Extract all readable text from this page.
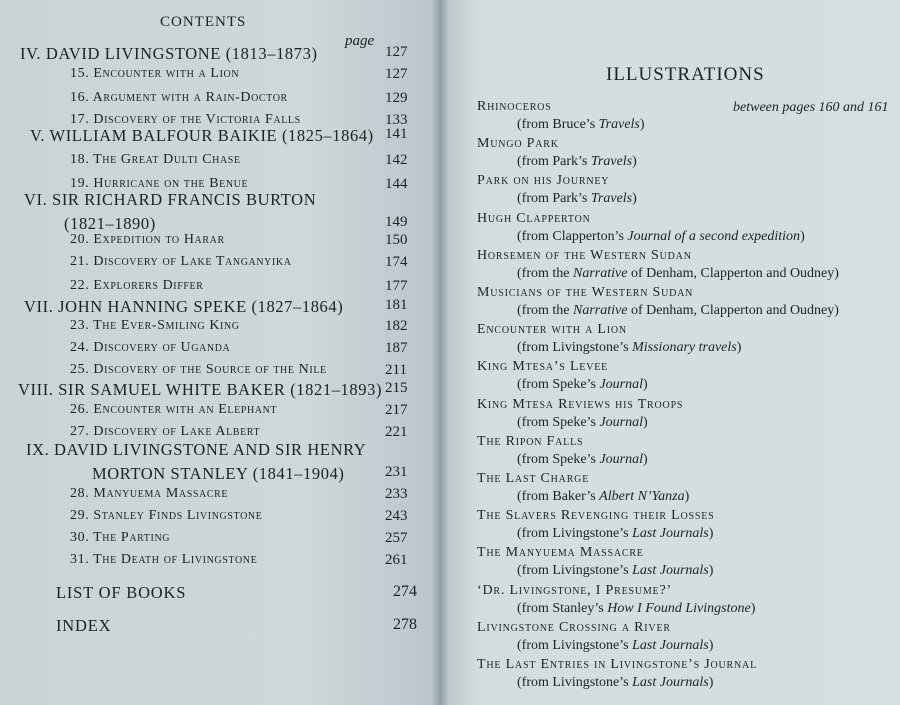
CONTENTS
page
IV. DAVID LIVINGSTONE (1813–1873)	127
15. Encounter with a Lion	127
16. Argument with a Rain-Doctor	129
17. Discovery of the Victoria Falls	133
V. WILLIAM BALFOUR BAIKIE (1825–1864) 141
18. The Great Dulti Chase	142
19. Hurricane on the Benue	144
VI. SIR RICHARD FRANCIS BURTON
(1821–1890)	149
20. Expedition to Harar	150
21. Discovery of Lake Tanganyika	174
22. Explorers Differ	177
VII. JOHN HANNING SPEKE (1827–1864)	181
23. The Ever-Smiling King	182
24. Discovery of Uganda	187
25. Discovery of the Source of the Nile	211
VIII. SIR SAMUEL WHITE BAKER (1821–1893) 215
26. Encounter with an Elephant	217
27. Discovery of Lake Albert	221
IX. DAVID LIVINGSTONE AND SIR HENRY
MORTON STANLEY (1841–1904)	231
28. Manyuema Massacre	233
29. Stanley Finds Livingstone	243
30. The Parting	257
31. The Death of Livingstone	261
LIST OF BOOKS	274
INDEX	278
ILLUSTRATIONS
between pages 160 and 161
Rhinoceros
(from Bruce’s Travels)
Mungo Park
(from Park’s Travels)
Park on his Journey
(from Park’s Travels)
Hugh Clapperton
(from Clapperton’s Journal of a second expedition)
Horsemen of the Western Sudan
(from the Narrative of Denham, Clapperton and Oudney)
Musicians of the Western Sudan
(from the Narrative of Denham, Clapperton and Oudney)
Encounter with a Lion
(from Livingstone’s Missionary travels)
King Mtesa’s Levee
(from Speke’s Journal)
King Mtesa Reviews his Troops
(from Speke’s Journal)
The Ripon Falls
(from Speke’s Journal)
The Last Charge
(from Baker’s Albert N’Yanza)
The Slavers Revenging their Losses
(from Livingstone’s Last Journals)
The Manyuema Massacre
(from Livingstone’s Last Journals)
‘Dr. Livingstone, I Presume?’
(from Stanley’s How I Found Livingstone)
Livingstone Crossing a River
(from Livingstone’s Last Journals)
The Last Entries in Livingstone’s Journal
(from Livingstone’s Last Journals)
